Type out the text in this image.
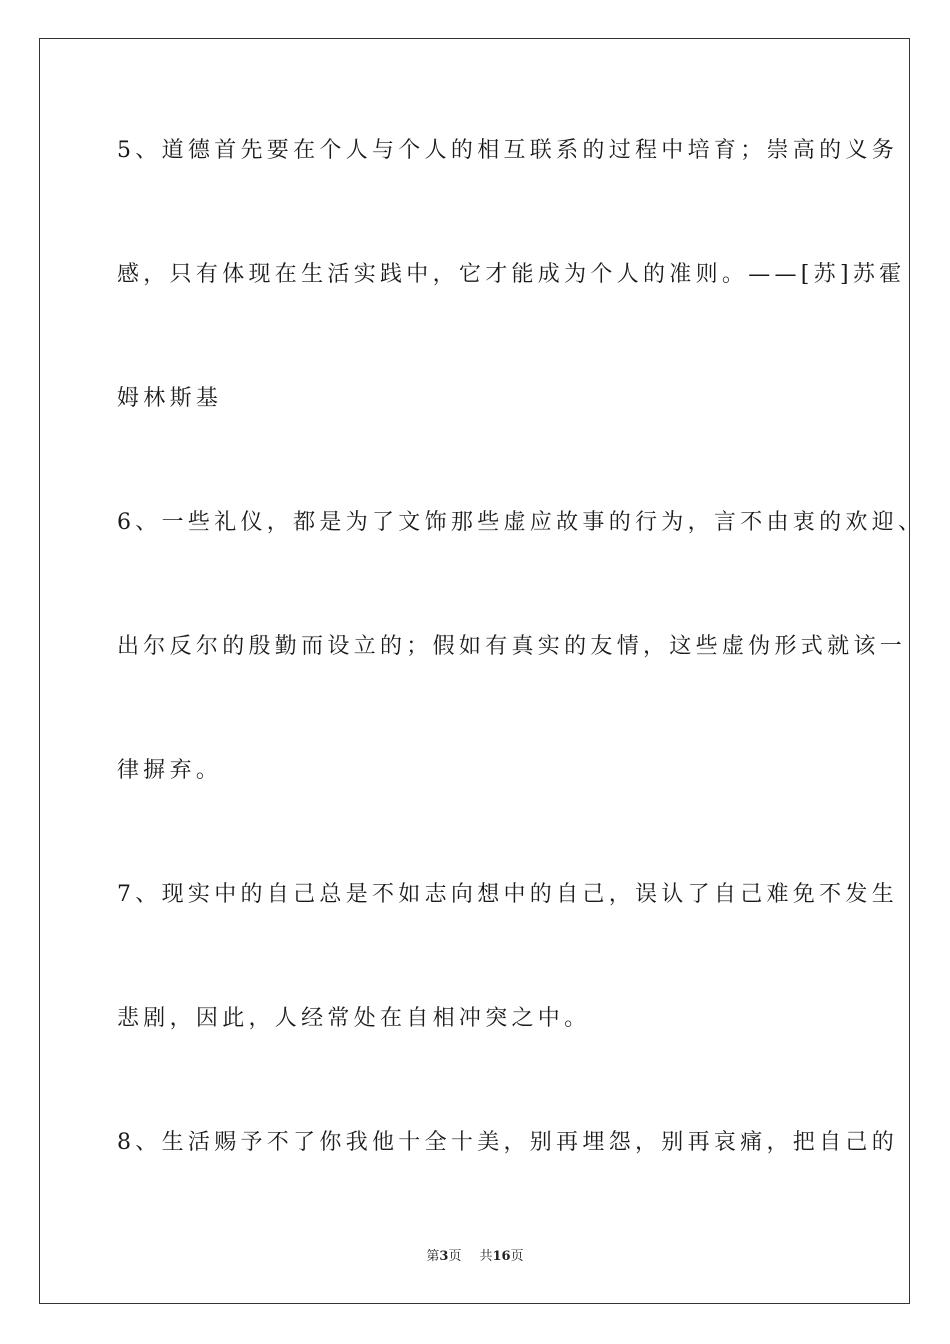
5、道德首先要在个人与个人的相互联系的过程中培育；崇高的义务
感，只有体现在生活实践中，它才能成为个人的准则。——[苏]苏霍
姆林斯基
6、一些礼仪，都是为了文饰那些虚应故事的行为，言不由衷的欢迎、
出尔反尔的殷勤而设立的；假如有真实的友情，这些虚伪形式就该一
律摒弃。
7、现实中的自己总是不如志向想中的自己，误认了自己难免不发生
悲剧，因此，人经常处在自相冲突之中。
8、生活赐予不了你我他十全十美，别再埋怨，别再哀痛，把自己的
第3页 共16页
